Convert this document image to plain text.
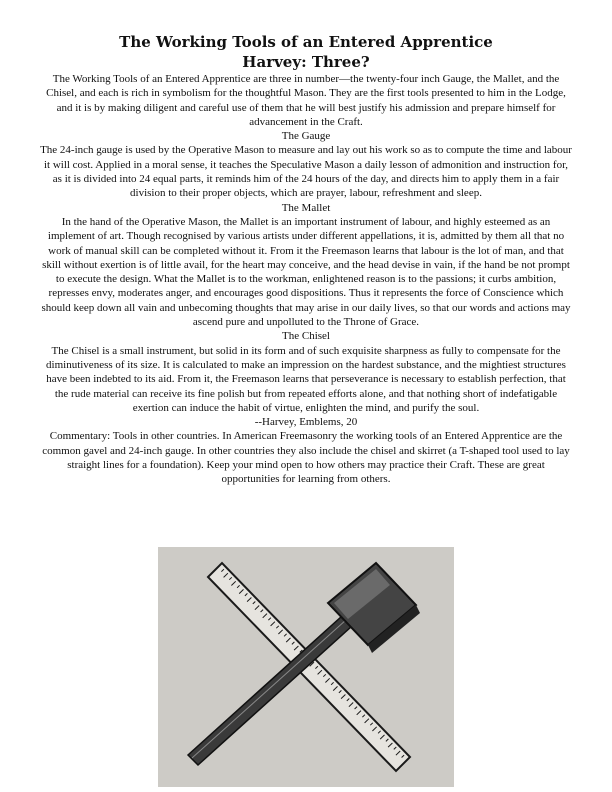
The Working Tools of an Entered Apprentice
Harvey: Three?

The Working Tools of an Entered Apprentice are three in number—the twenty-four inch Gauge, the Mallet, and the Chisel, and each is rich in symbolism for the thoughtful Mason. They are the first tools presented to him in the Lodge, and it is by making diligent and careful use of them that he will best justify his admission and prepare himself for advancement in the Craft.

The Gauge

The 24-inch gauge is used by the Operative Mason to measure and lay out his work so as to compute the time and labour it will cost. Applied in a moral sense, it teaches the Speculative Mason a daily lesson of admonition and instruction for, as it is divided into 24 equal parts, it reminds him of the 24 hours of the day, and directs him to apply them in a fair division to their proper objects, which are prayer, labour, refreshment and sleep.

The Mallet

In the hand of the Operative Mason, the Mallet is an important instrument of labour, and highly esteemed as an implement of art. Though recognised by various artists under different appellations, it is, admitted by them all that no work of manual skill can be completed without it. From it the Freemason learns that labour is the lot of man, and that skill without exertion is of little avail, for the heart may conceive, and the head devise in vain, if the hand be not prompt to execute the design. What the Mallet is to the workman, enlightened reason is to the passions; it curbs ambition, represses envy, moderates anger, and encourages good dispositions. Thus it represents the force of Conscience which should keep down all vain and unbecoming thoughts that may arise in our daily lives, so that our words and actions may ascend pure and unpolluted to the Throne of Grace.

The Chisel

The Chisel is a small instrument, but solid in its form and of such exquisite sharpness as fully to compensate for the diminutiveness of its size. It is calculated to make an impression on the hardest substance, and the mightiest structures have been indebted to its aid. From it, the Freemason learns that perseverance is necessary to establish perfection, that the rude material can receive its fine polish but from repeated efforts alone, and that nothing short of indefatigable exertion can induce the habit of virtue, enlighten the mind, and purify the soul.

--Harvey, Emblems, 20

Commentary: Tools in other countries. In American Freemasonry the working tools of an Entered Apprentice are the common gavel and 24-inch gauge. In other countries they also include the chisel and skirret (a T-shaped tool used to lay straight lines for a foundation). Keep your mind open to how others may practice their Craft. These are great opportunities for learning from others.
